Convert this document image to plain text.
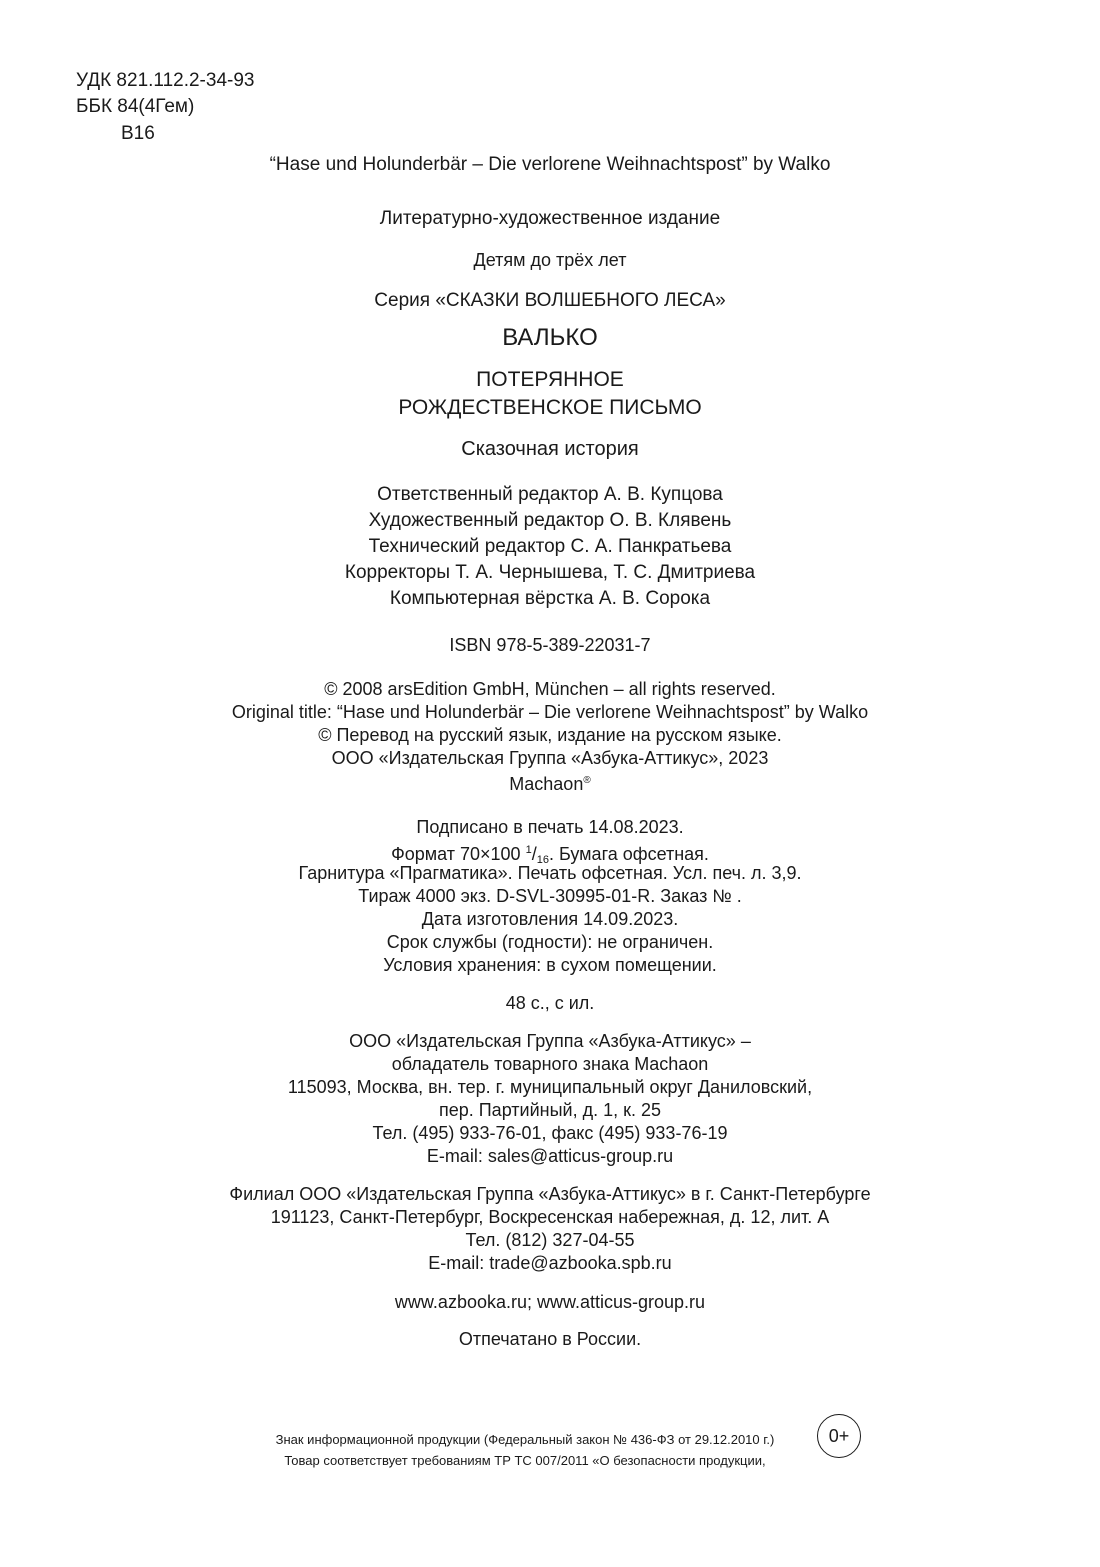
УДК 821.112.2-34-93
ББК 84(4Гем)
В16
“Hase und Holunderbär – Die verlorene Weihnachtspost” by Walko
Литературно-художественное издание
Детям до трёх лет
Серия «СКАЗКИ ВОЛШЕБНОГО ЛЕСА»
ВАЛЬКО
ПОТЕРЯННОЕ
РОЖДЕСТВЕНСКОЕ ПИСЬМО
Сказочная история
Ответственный редактор А. В. Купцова
Художественный редактор О. В. Клявень
Технический редактор С. А. Панкратьева
Корректоры Т. А. Чернышева, Т. С. Дмитриева
Компьютерная вёрстка А. В. Сорока
ISBN 978-5-389-22031-7
© 2008 arsEdition GmbH, München – all rights reserved.
Original title: “Hase und Holunderbär – Die verlorene Weihnachtspost” by Walko
© Перевод на русский язык, издание на русском языке.
ООО «Издательская Группа «Азбука-Аттикус», 2023
Machaon®
Подписано в печать 14.08.2023.
Формат 70×100 $^1$/16. Бумага офсетная.
Гарнитура «Прагматика». Печать офсетная. Усл. печ. л. 3,9.
Тираж 4000 экз. D-SVL-30995-01-R. Заказ № .
Дата изготовления 14.09.2023.
Срок службы (годности): не ограничен.
Условия хранения: в сухом помещении.
48 с., с ил.
ООО «Издательская Группа «Азбука-Аттикус» –
обладатель товарного знака Machaon
115093, Москва, вн. тер. г. муниципальный округ Даниловский,
пер. Партийный, д. 1, к. 25
Тел. (495) 933-76-01, факс (495) 933-76-19
E-mail: sales@atticus-group.ru
Филиал ООО «Издательская Группа «Азбука-Аттикус» в г. Санкт-Петербурге
191123, Санкт-Петербург, Воскресенская набережная, д. 12, лит. А
Тел. (812) 327-04-55
E-mail: trade@azbooka.spb.ru
www.azbooka.ru; www.atticus-group.ru
Отпечатано в России.
Знак информационной продукции (Федеральный закон № 436-ФЗ от 29.12.2010 г.)	0+
Товар соответствует требованиям ТР ТС 007/2011 «О безопасности продукции,
